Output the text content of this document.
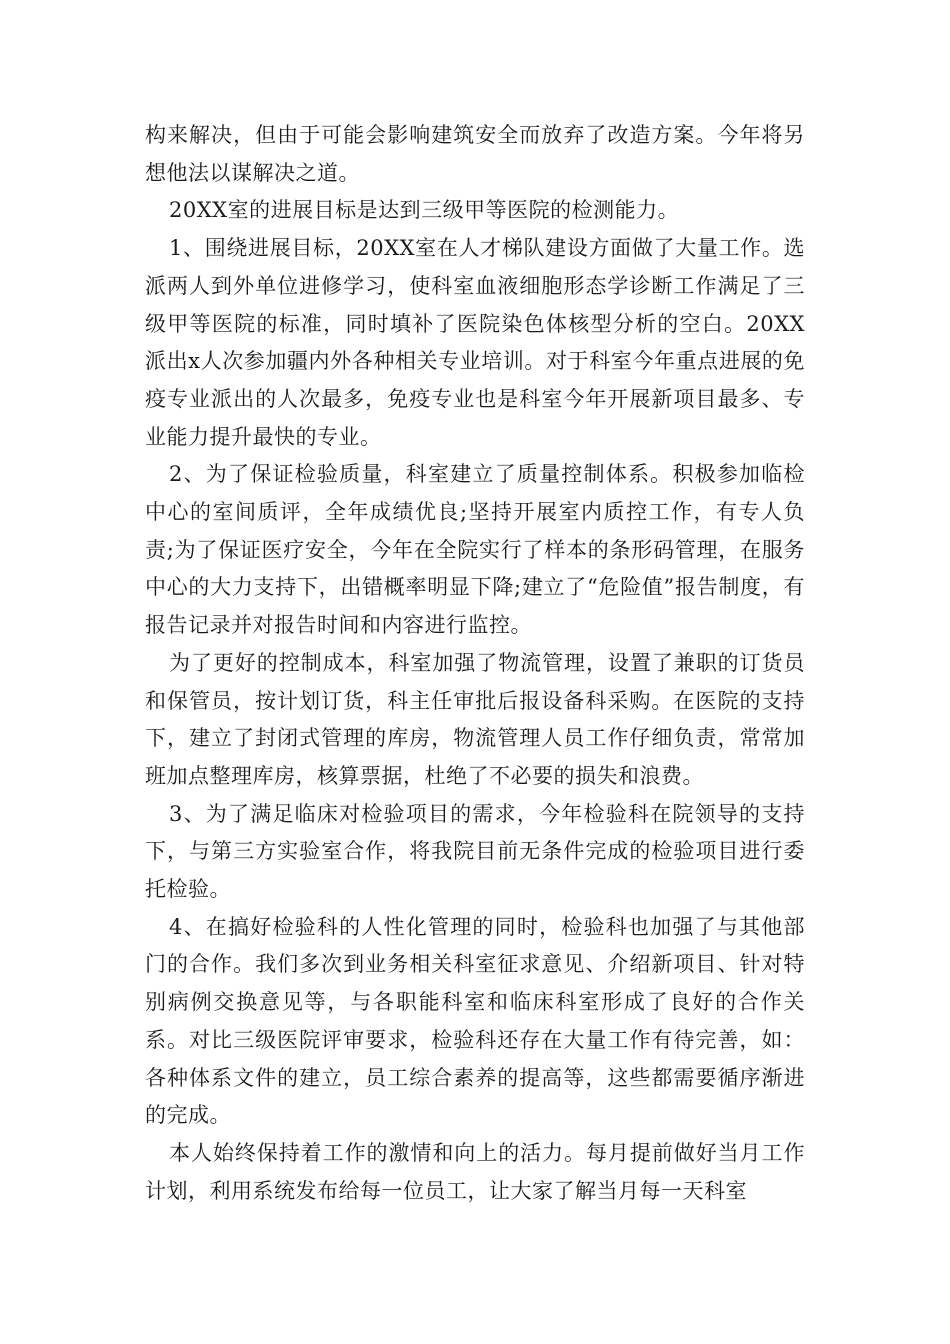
构来解决，但由于可能会影响建筑安全而放弃了改造方案。今年将另想他法以谋解决之道。

20XX室的进展目标是达到三级甲等医院的检测能力。

1、围绕进展目标，20XX室在人才梯队建设方面做了大量工作。选派两人到外单位进修学习，使科室血液细胞形态学诊断工作满足了三级甲等医院的标准，同时填补了医院染色体核型分析的空白。20XX派出x人次参加疆内外各种相关专业培训。对于科室今年重点进展的免疫专业派出的人次最多，免疫专业也是科室今年开展新项目最多、专业能力提升最快的专业。

2、为了保证检验质量，科室建立了质量控制体系。积极参加临检中心的室间质评，全年成绩优良;坚持开展室内质控工作，有专人负责;为了保证医疗安全，今年在全院实行了样本的条形码管理，在服务中心的大力支持下，出错概率明显下降;建立了“危险值”报告制度，有报告记录并对报告时间和内容进行监控。

为了更好的控制成本，科室加强了物流管理，设置了兼职的订货员和保管员，按计划订货，科主任审批后报设备科采购。在医院的支持下，建立了封闭式管理的库房，物流管理人员工作仔细负责，常常加班加点整理库房，核算票据，杜绝了不必要的损失和浪费。

3、为了满足临床对检验项目的需求，今年检验科在院领导的支持下，与第三方实验室合作，将我院目前无条件完成的检验项目进行委托检验。

4、在搞好检验科的人性化管理的同时，检验科也加强了与其他部门的合作。我们多次到业务相关科室征求意见、介绍新项目、针对特别病例交换意见等，与各职能科室和临床科室形成了良好的合作关系。对比三级医院评审要求，检验科还存在大量工作有待完善，如：各种体系文件的建立，员工综合素养的提高等，这些都需要循序渐进的完成。

本人始终保持着工作的激情和向上的活力。每月提前做好当月工作计划，利用系统发布给每一位员工，让大家了解当月每一天科室
